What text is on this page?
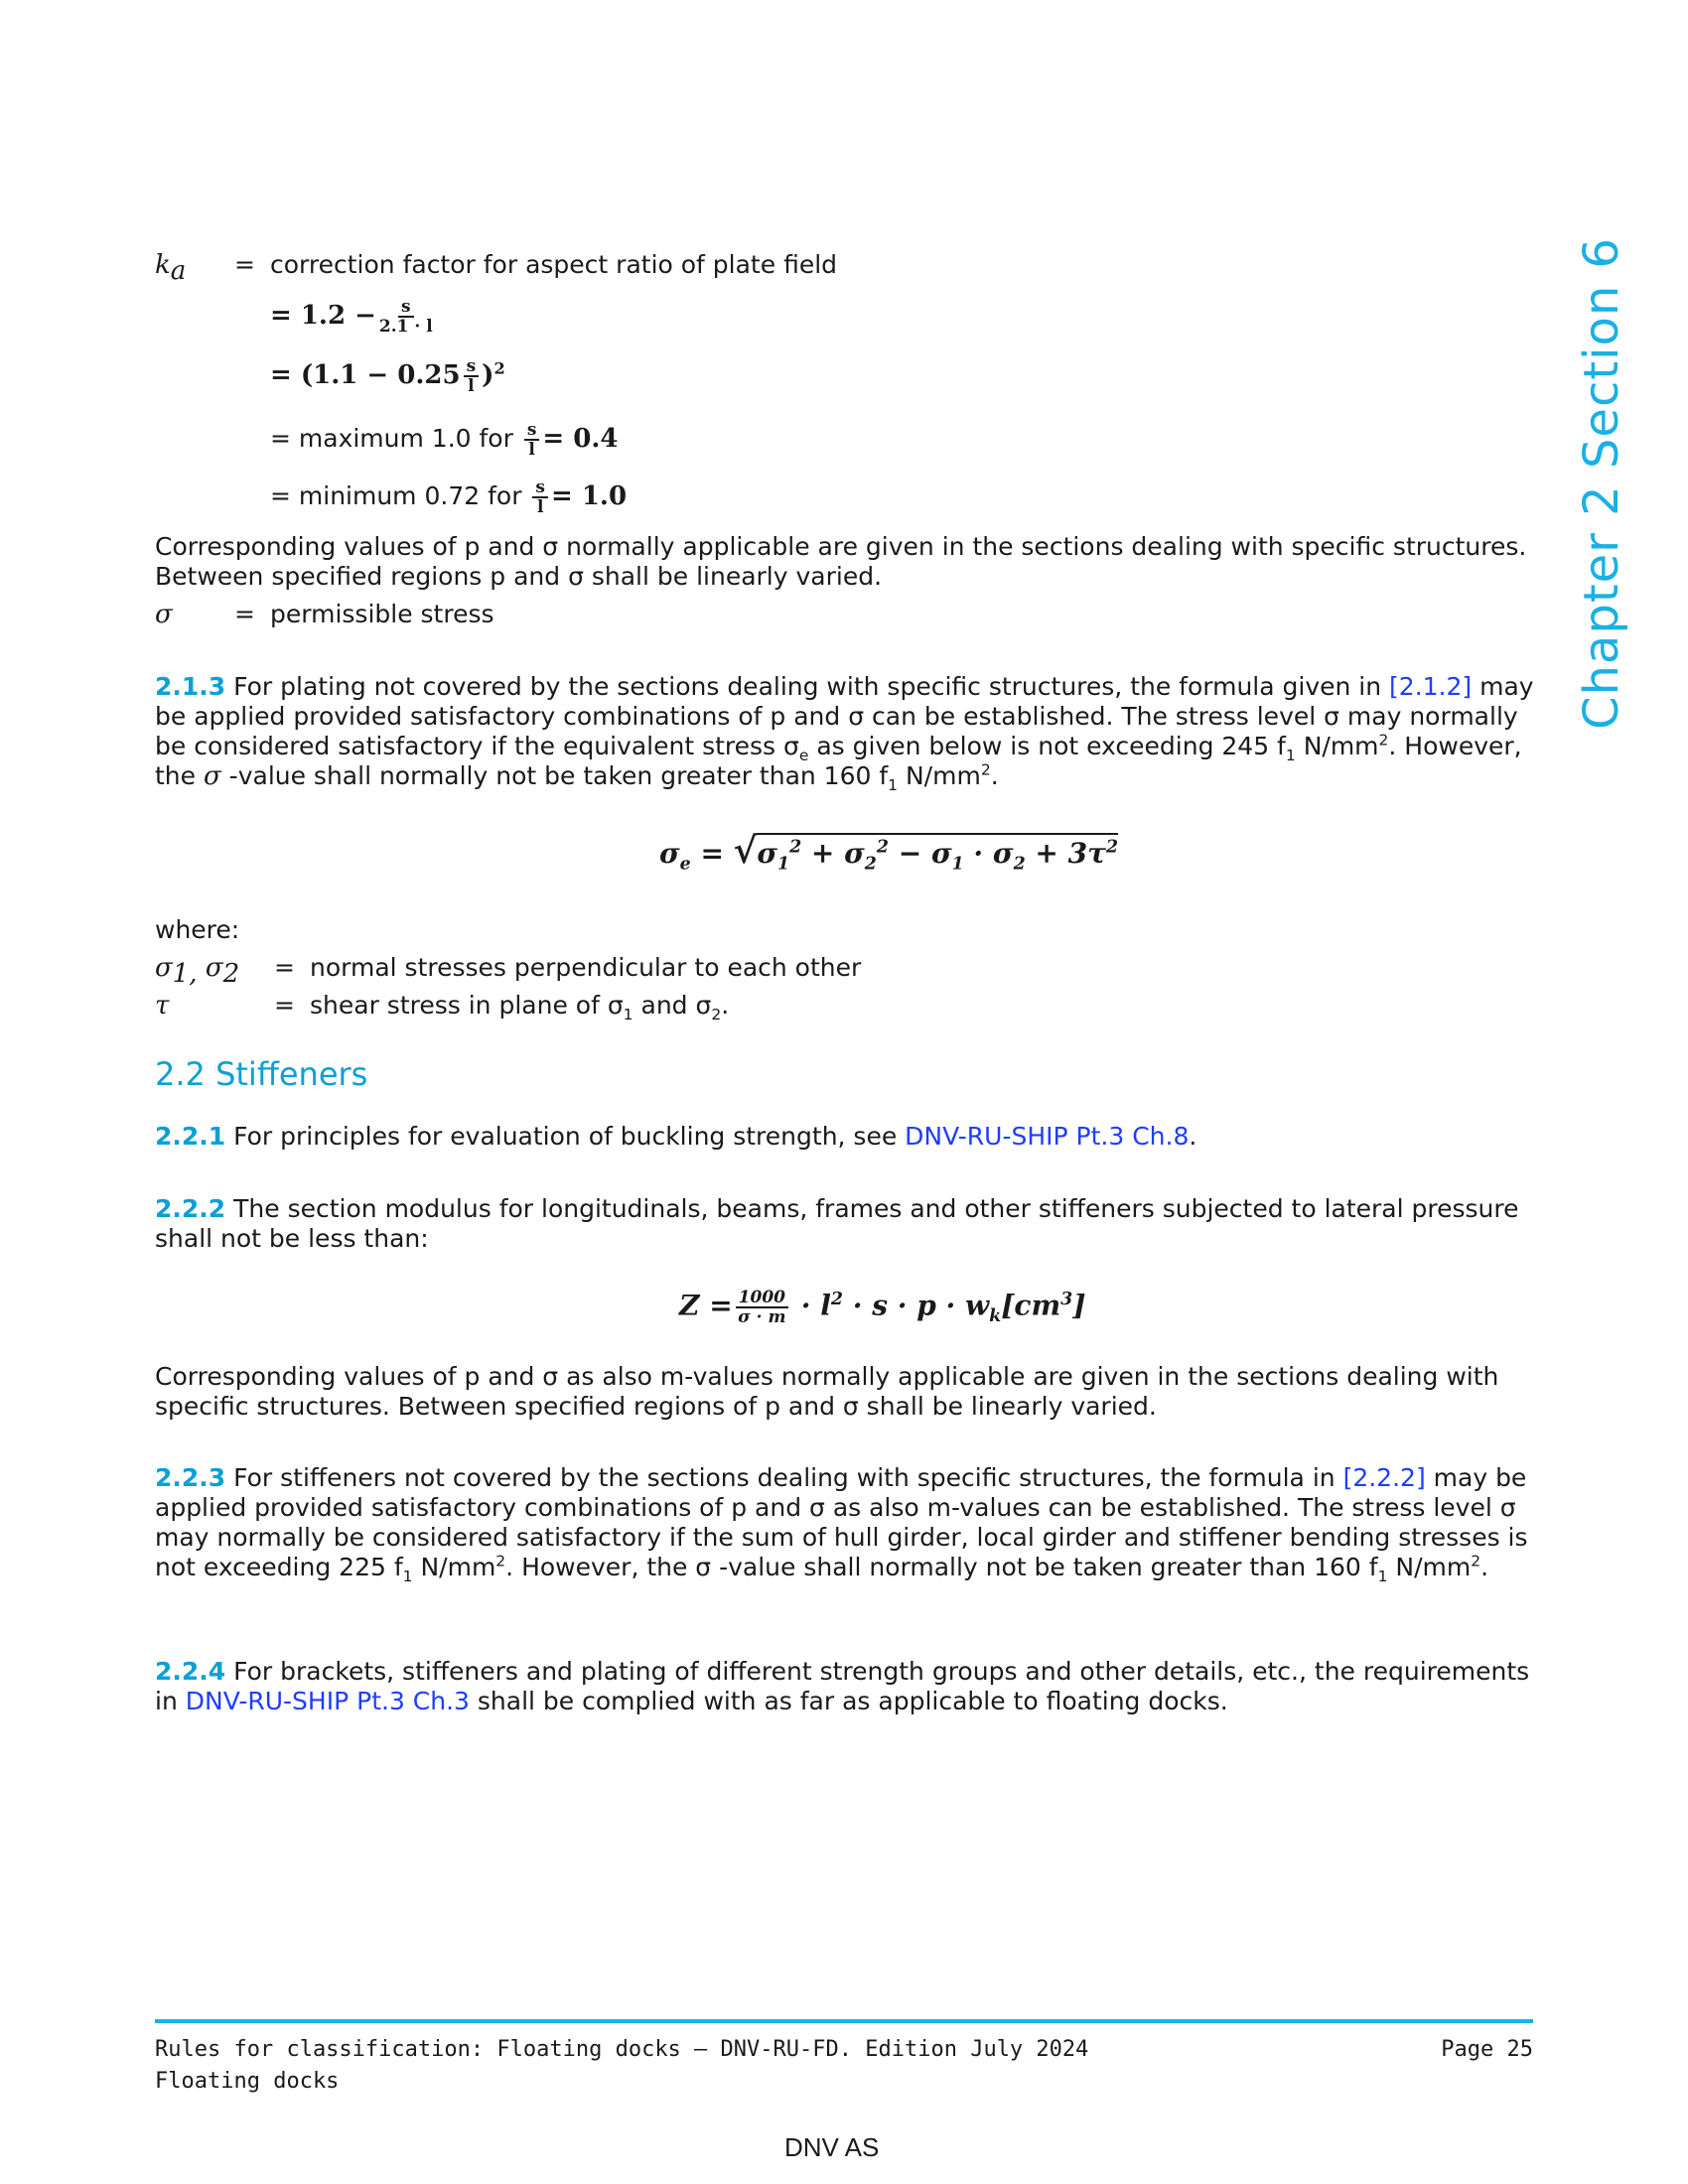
Chapter 2 Section 6
$k_a$ = correction factor for aspect ratio of plate field
= $1.2 - \frac{s}{2.1 \cdot l}$
= $(1.1 - 0.25 \frac{s}{l} )^2$
= maximum 1.0 for $\frac{s}{l} = 0.4$
= minimum 0.72 for $\frac{s}{l} = 1.0$
Corresponding values of p and σ normally applicable are given in the sections dealing with specific structures. Between specified regions p and σ shall be linearly varied.
σ = permissible stress
2.1.3 For plating not covered by the sections dealing with specific structures, the formula given in [2.1.2] may be applied provided satisfactory combinations of p and σ can be established. The stress level σ may normally be considered satisfactory if the equivalent stress $\sigma_e$ as given below is not exceeding 245 $f_1$ $N/mm^2$. However, the σ -value shall normally not be taken greater than 160 $f_1$ $N/mm^2$.
$\sigma_e = √\sigma_1^2 + \sigma_2^2 - \sigma_1 \cdot \sigma_2 + 3\tau^2$
where:
$\sigma_{1,}$ $\sigma_2$ = normal stresses perpendicular to each other
τ	= shear stress in plane of $\sigma_1$ and $\sigma_2$.
2.2 Stiffeners
2.2.1 For principles for evaluation of buckling strength, see DNV-RU-SHIP Pt.3 Ch.8.
2.2.2 The section modulus for longitudinals, beams, frames and other stiffeners subjected to lateral pressure shall not be less than:
$Z = \frac{1000}{\sigma \cdot m} \cdot l^2 \cdot s \cdot p \cdot w_k[cm^3]$
Corresponding values of p and σ as also m-values normally applicable are given in the sections dealing with specific structures. Between specified regions of p and σ shall be linearly varied.
2.2.3 For stiffeners not covered by the sections dealing with specific structures, the formula in [2.2.2] may be applied provided satisfactory combinations of p and σ as also m-values can be established. The stress level σ may normally be considered satisfactory if the sum of hull girder, local girder and stiffener bending stresses is not exceeding 225 $f_1$ $N/mm^2$. However, the σ -value shall normally not be taken greater than 160 $f_1$ $N/mm^2$.
2.2.4 For brackets, stiffeners and plating of different strength groups and other details, etc., the requirements in DNV-RU-SHIP Pt.3 Ch.3 shall be complied with as far as applicable to floating docks.
Rules for classification: Floating docks — DNV-RU-FD. Edition July 2024
Floating docks
Page 25
DNV AS
